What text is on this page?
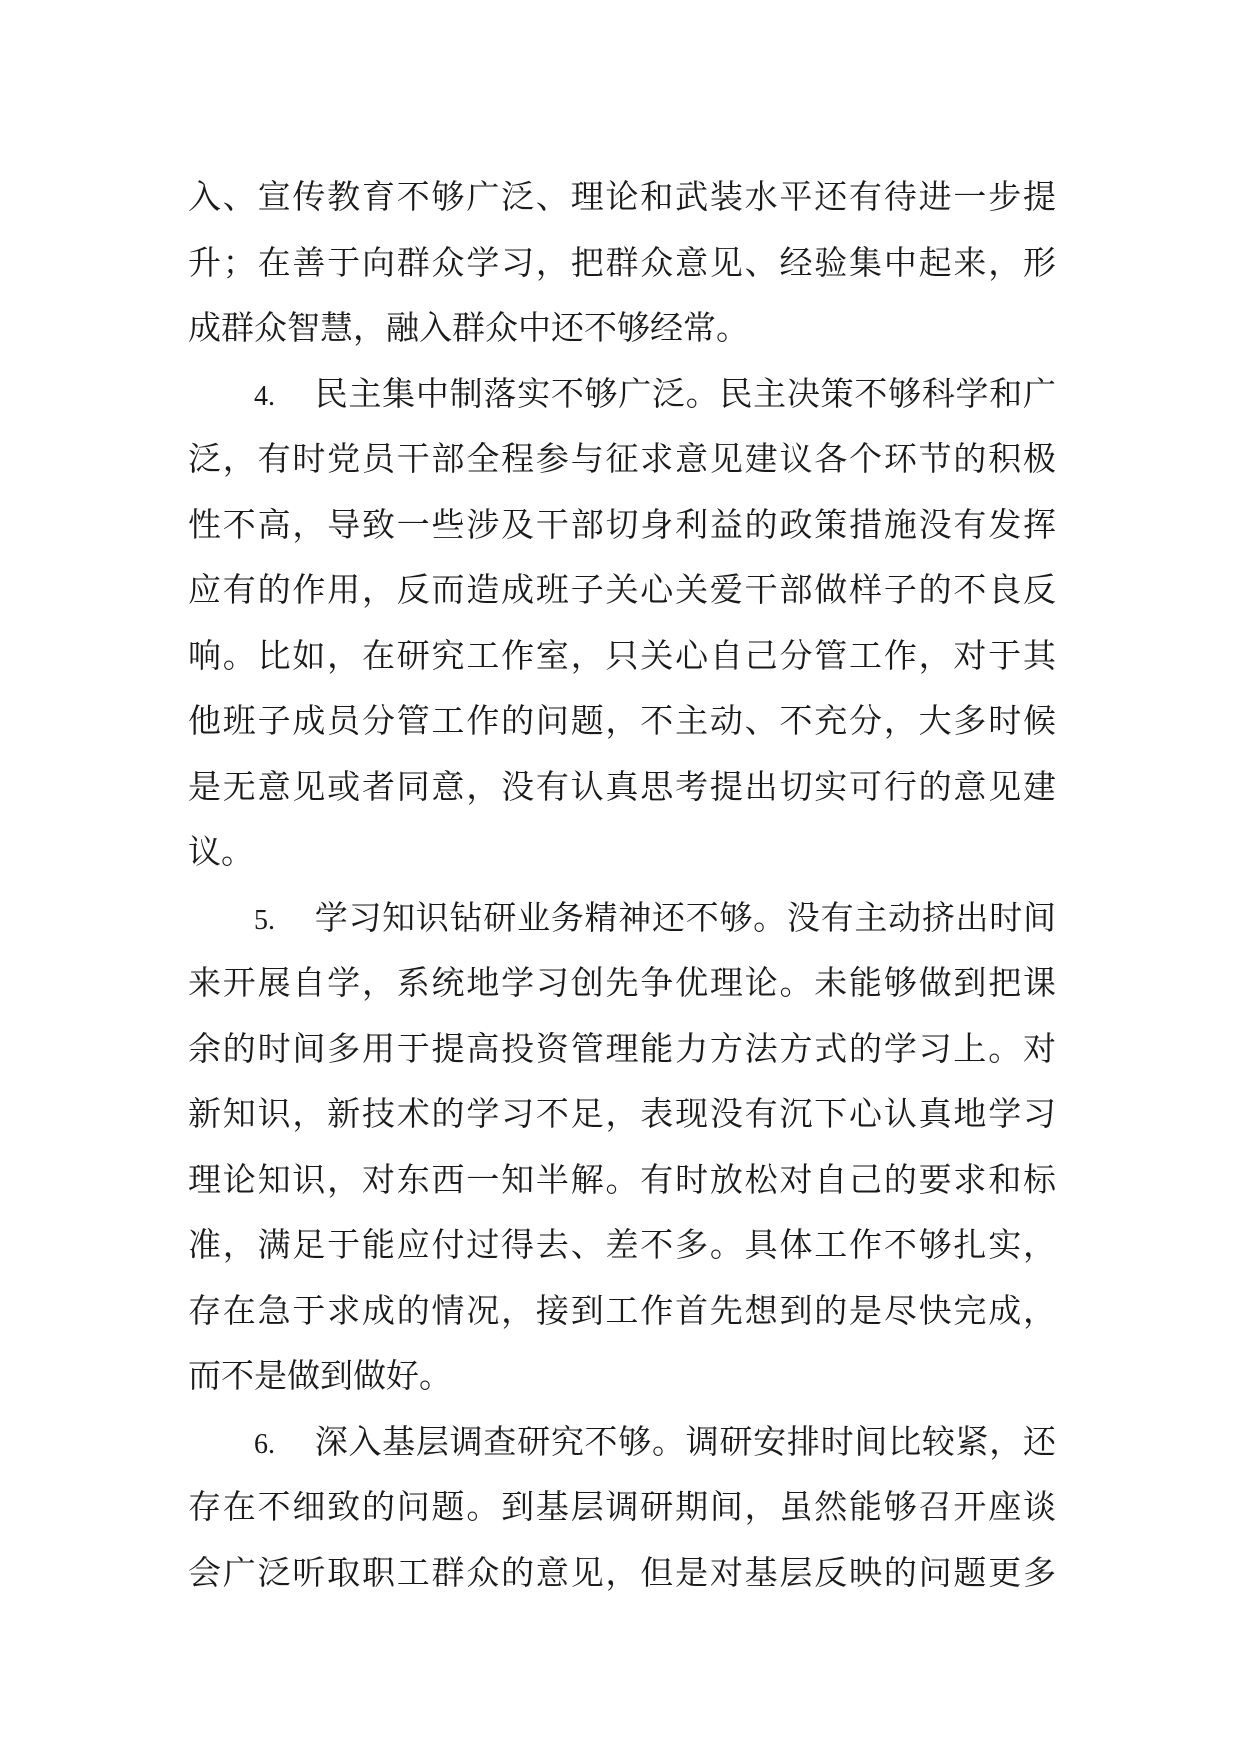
入、宣传教育不够广泛、理论和武装水平还有待进一步提
升；在善于向群众学习，把群众意见、经验集中起来，形
成群众智慧，融入群众中还不够经常。
4. 民主集中制落实不够广泛。民主决策不够科学和广
泛，有时党员干部全程参与征求意见建议各个环节的积极
性不高，导致一些涉及干部切身利益的政策措施没有发挥
应有的作用，反而造成班子关心关爱干部做样子的不良反
响。比如，在研究工作室，只关心自己分管工作，对于其
他班子成员分管工作的问题，不主动、不充分，大多时候
是无意见或者同意，没有认真思考提出切实可行的意见建
议。
5. 学习知识钻研业务精神还不够。没有主动挤出时间
来开展自学，系统地学习创先争优理论。未能够做到把课
余的时间多用于提高投资管理能力方法方式的学习上。对
新知识，新技术的学习不足，表现没有沉下心认真地学习
理论知识，对东西一知半解。有时放松对自己的要求和标
准，满足于能应付过得去、差不多。具体工作不够扎实，
存在急于求成的情况，接到工作首先想到的是尽快完成，
而不是做到做好。
6. 深入基层调查研究不够。调研安排时间比较紧，还
存在不细致的问题。到基层调研期间，虽然能够召开座谈
会广泛听取职工群众的意见，但是对基层反映的问题更多
